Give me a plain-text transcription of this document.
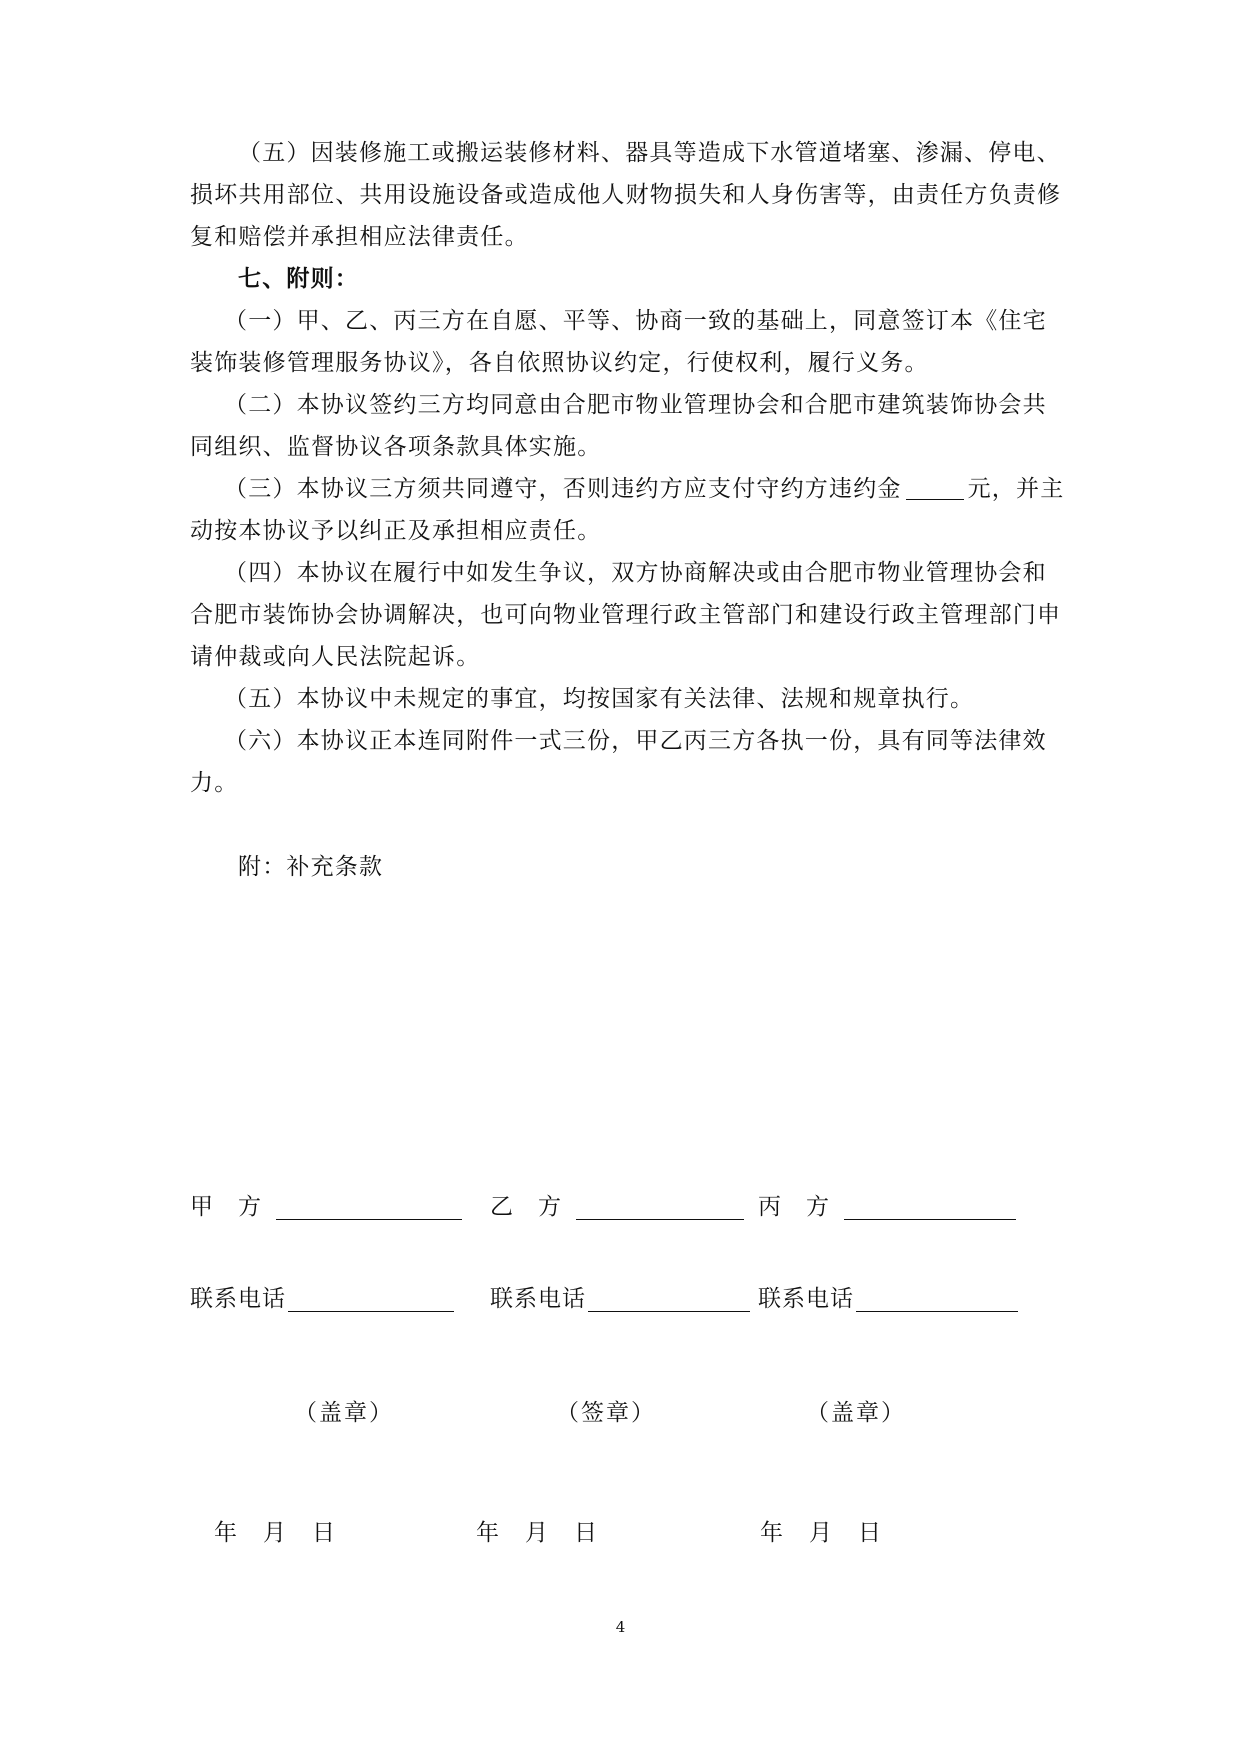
（五）因装修施工或搬运装修材料、器具等造成下水管道堵塞、渗漏、停电、损坏共用部位、共用设施设备或造成他人财物损失和人身伤害等，由责任方负责修复和赔偿并承担相应法律责任。

七、附则：

（一）甲、乙、丙三方在自愿、平等、协商一致的基础上，同意签订本《住宅装饰装修管理服务协议》，各自依照协议约定，行使权利，履行义务。

（二）本协议签约三方均同意由合肥市物业管理协会和合肥市建筑装饰协会共同组织、监督协议各项条款具体实施。

（三）本协议三方须共同遵守，否则违约方应支付守约方违约金	元，并主动按本协议予以纠正及承担相应责任。

（四）本协议在履行中如发生争议，双方协商解决或由合肥市物业管理协会和合肥市装饰协会协调解决，也可向物业管理行政主管部门和建设行政主管理部门申请仲裁或向人民法院起诉。

（五）本协议中未规定的事宜，均按国家有关法律、法规和规章执行。

（六）本协议正本连同附件一式三份，甲乙丙三方各执一份，具有同等法律效力。

附：补充条款

甲　方	乙　方	丙　方
联系电话	联系电话	联系电话
（盖章）	（签章）	（盖章）
年 月 日	年 月 日	年 月 日
4
